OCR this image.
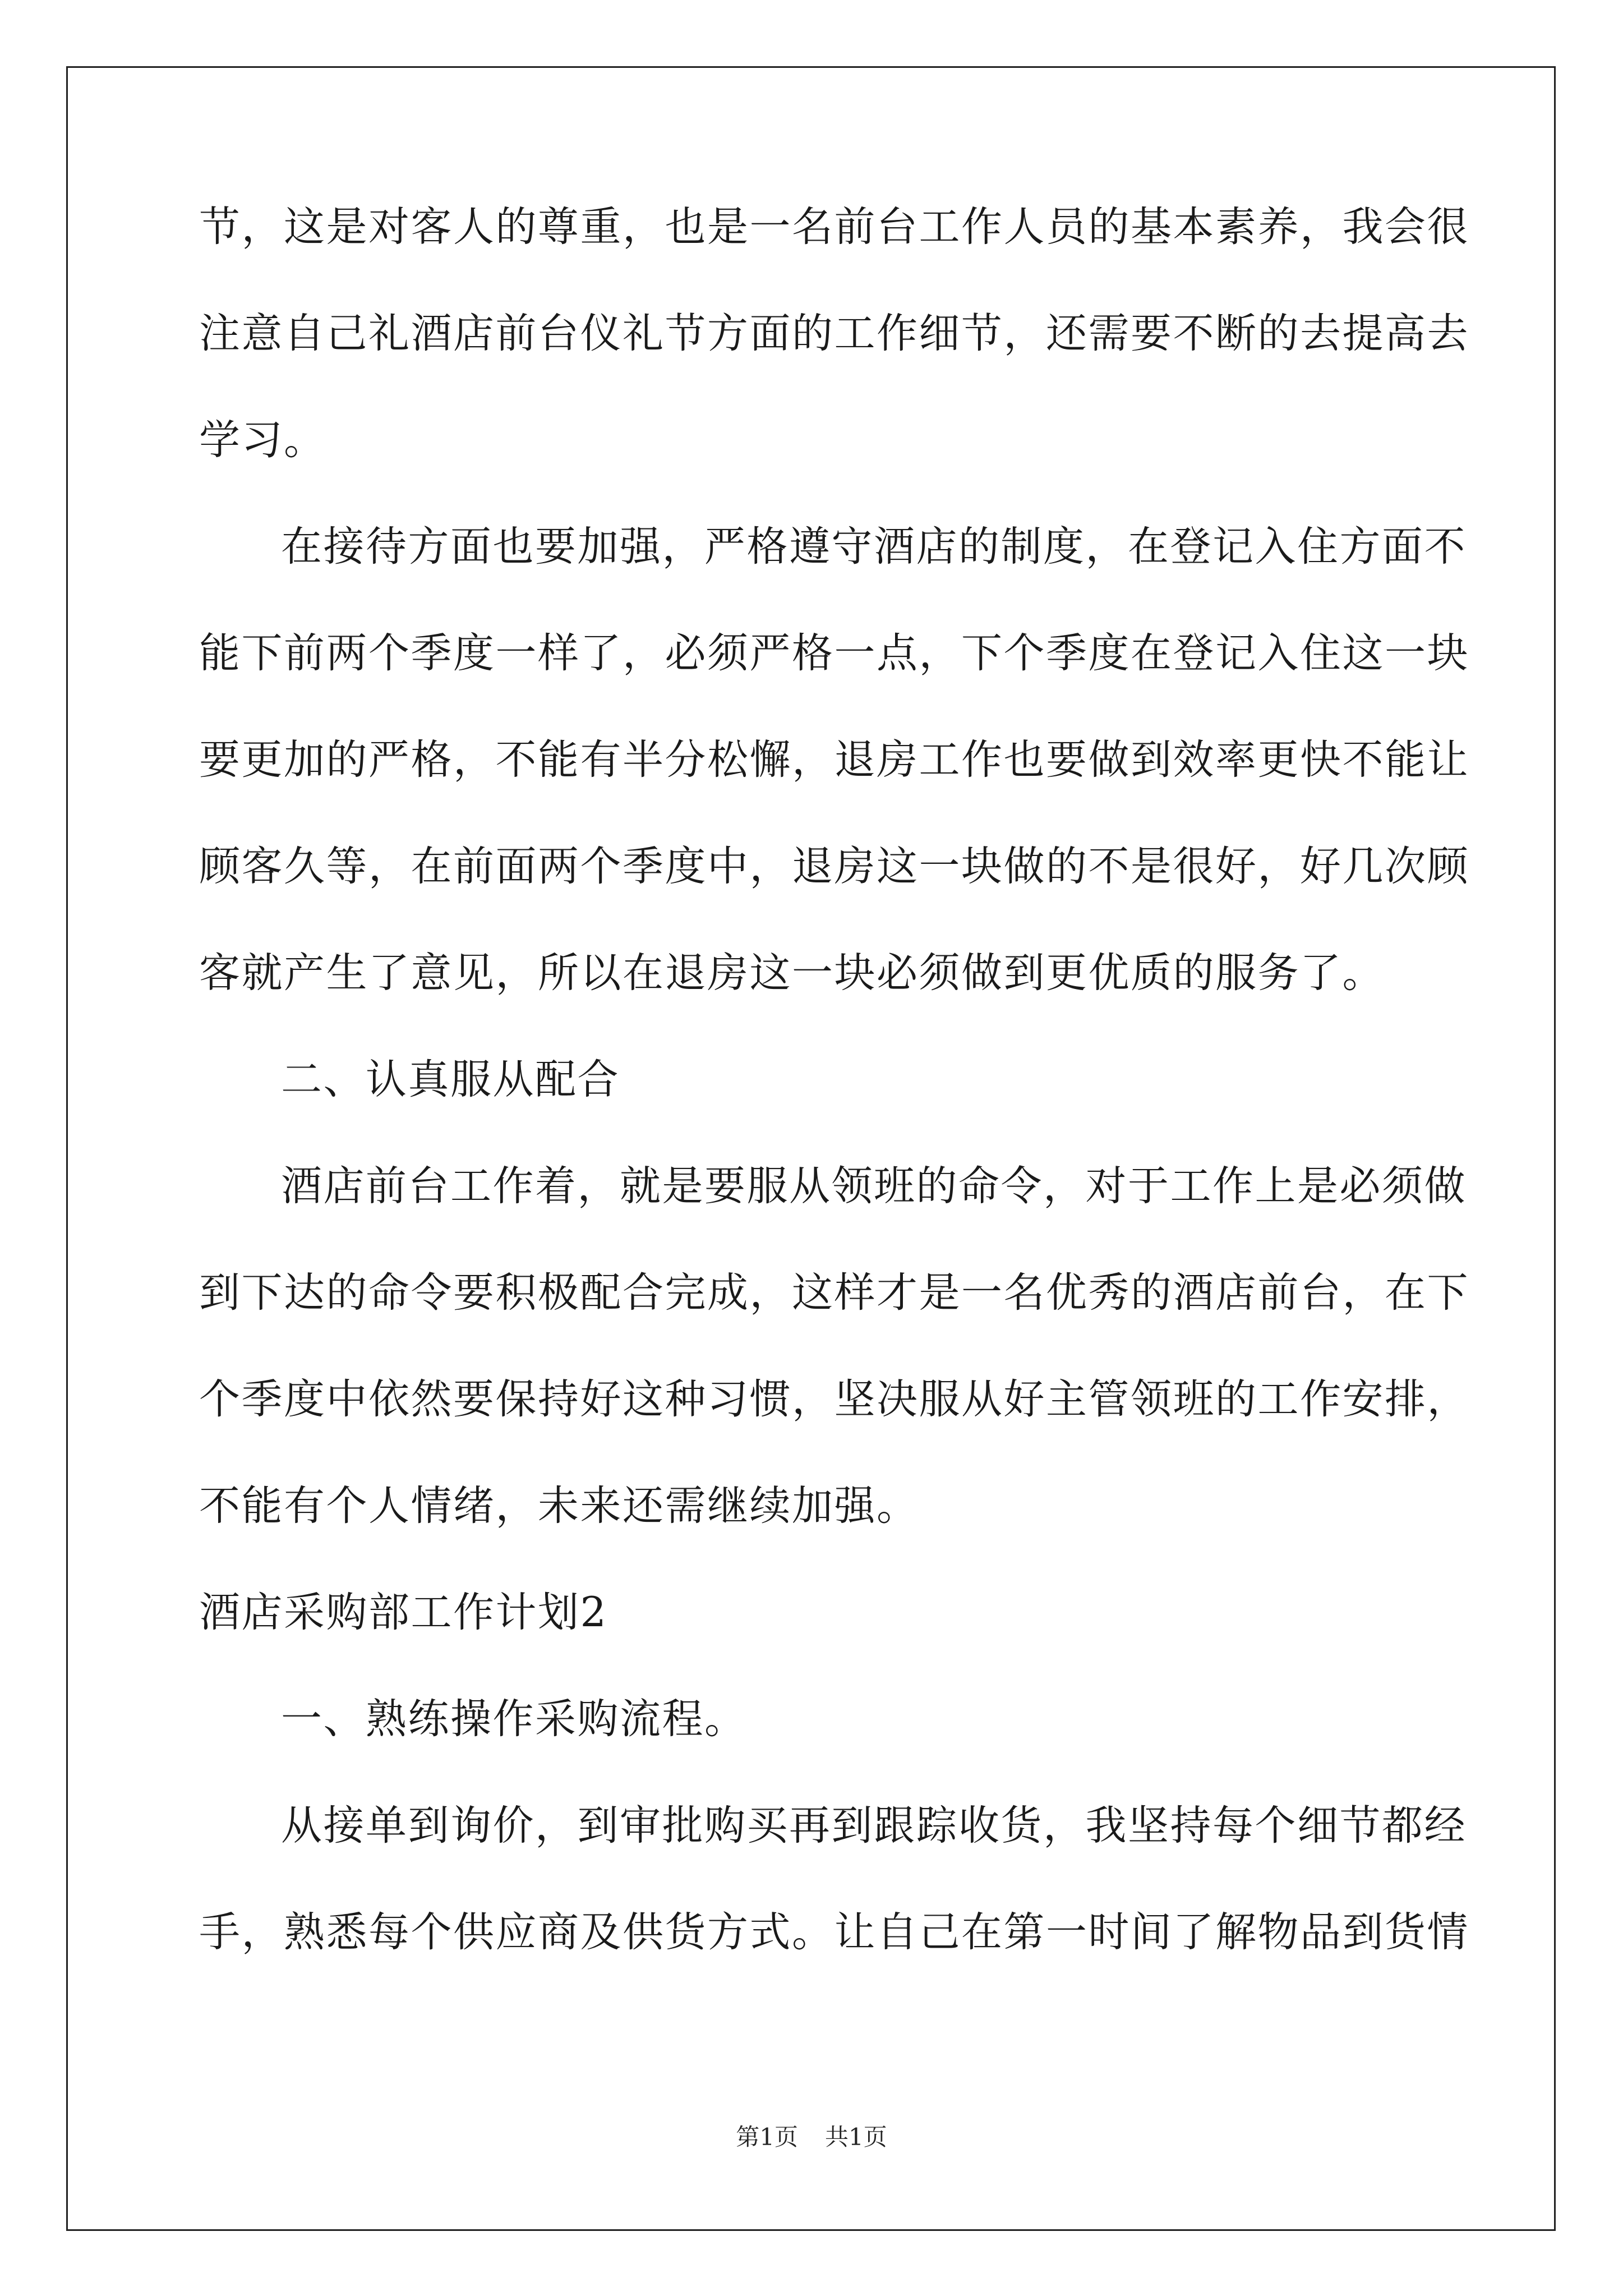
节，这是对客人的尊重，也是一名前台工作人员的基本素养，我会很
注意自己礼酒店前台仪礼节方面的工作细节，还需要不断的去提高去
学习。
在接待方面也要加强，严格遵守酒店的制度，在登记入住方面不
能下前两个季度一样了，必须严格一点，下个季度在登记入住这一块
要更加的严格，不能有半分松懈，退房工作也要做到效率更快不能让
顾客久等，在前面两个季度中，退房这一块做的不是很好，好几次顾
客就产生了意见，所以在退房这一块必须做到更优质的服务了。
二、认真服从配合
酒店前台工作着，就是要服从领班的命令，对于工作上是必须做
到下达的命令要积极配合完成，这样才是一名优秀的酒店前台，在下
个季度中依然要保持好这种习惯，坚决服从好主管领班的工作安排，
不能有个人情绪，未来还需继续加强。
酒店采购部工作计划2
一、熟练操作采购流程。
从接单到询价，到审批购买再到跟踪收货，我坚持每个细节都经
手，熟悉每个供应商及供货方式。让自己在第一时间了解物品到货情
第1页 共1页
